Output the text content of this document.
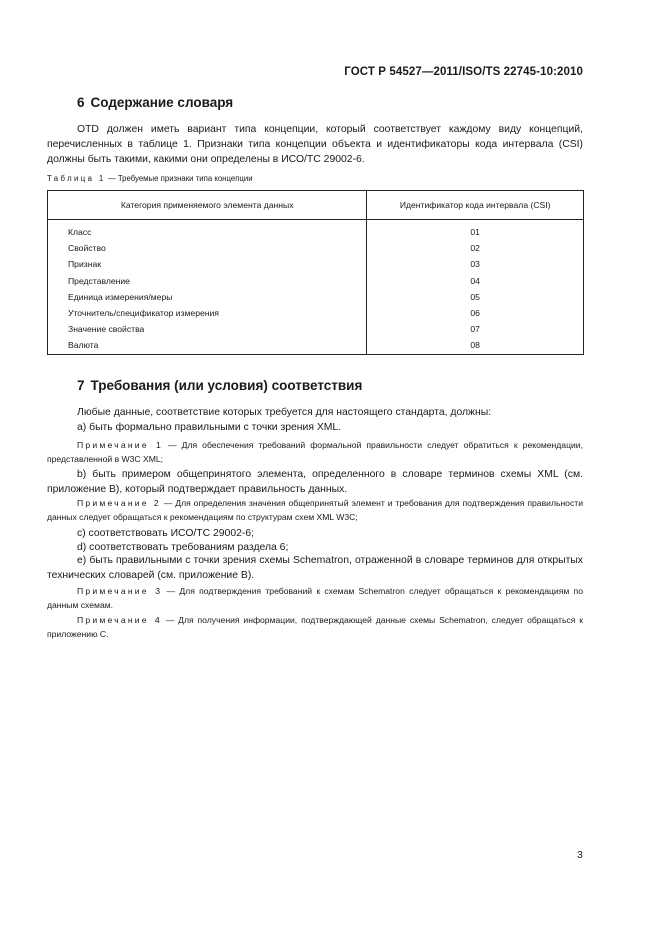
ГОСТ Р 54527—2011/ISO/TS 22745-10:2010
6 Содержание словаря
OTD должен иметь вариант типа концепции, который соответствует каждому виду концепций, перечисленных в таблице 1. Признаки типа концепции объекта и идентификаторы кода интервала (CSI) должны быть такими, какими они определены в ИСО/ТС 29002-6.
Таблица 1 — Требуемые признаки типа концепции
Категория применяемого элемента данных	Идентификатор кода интервала (CSI)

Класс	01
Свойство	02
Признак	03
Представление	04
Единица измерения/меры	05
Уточнитель/спецификатор измерения	06
Значение свойства	07
Валюта	08
7 Требования (или условия) соответствия
Любые данные, соответствие которых требуется для настоящего стандарта, должны:
а) быть формально правильными с точки зрения XML.
Примечание 1 — Для обеспечения требований формальной правильности следует обратиться к рекомендации, представленной в W3C XML;
b) быть примером общепринятого элемента, определенного в словаре терминов схемы XML (см. приложение В), который подтверждает правильность данных.
Примечание 2 — Для определения значения общепринятый элемент и требования для подтверждения правильности данных следует обращаться к рекомендациям по структурам схем XML W3C;
с) соответствовать ИСО/ТС 29002-6;
d) соответствовать требованиям раздела 6;
е) быть правильными с точки зрения схемы Schematron, отраженной в словаре терминов для открытых технических словарей (см. приложение В).
Примечание 3 — Для подтверждения требований к схемам Schematron следует обращаться к рекомендациям по данным схемам.
Примечание 4 — Для получения информации, подтверждающей данные схемы Schematron, следует обращаться к приложению С.
3
